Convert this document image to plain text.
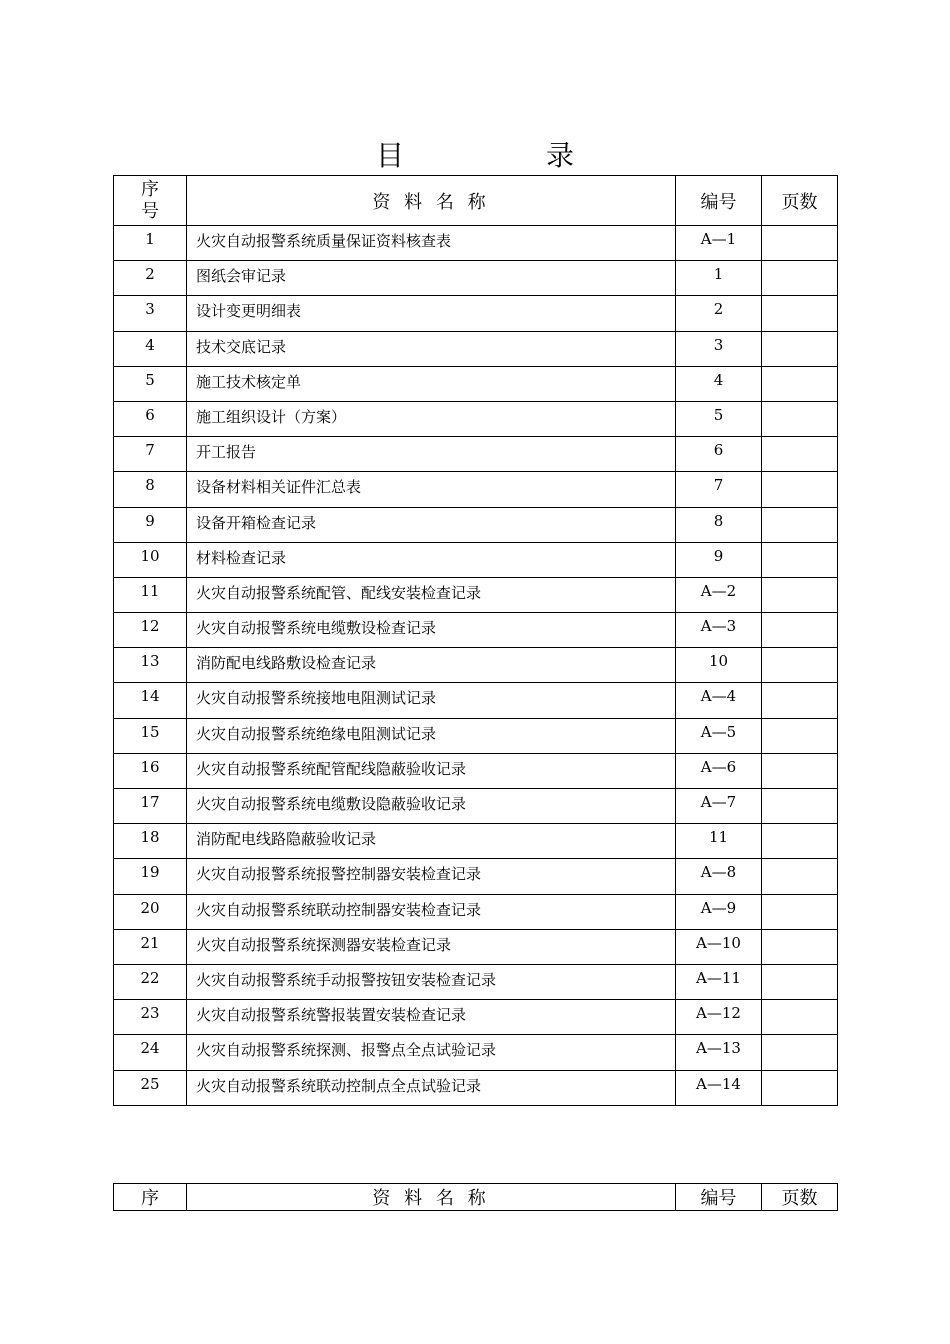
目	录
序
号	资 料 名 称	编号	页数
1	火灾自动报警系统质量保证资料核查表	A—1	
2	图纸会审记录	1	
3	设计变更明细表	2	
4	技术交底记录	3	
5	施工技术核定单	4	
6	施工组织设计（方案）	5	
7	开工报告	6	
8	设备材料相关证件汇总表	7	
9	设备开箱检查记录	8	
10	材料检查记录	9	
11	火灾自动报警系统配管、配线安装检查记录	A—2	
12	火灾自动报警系统电缆敷设检查记录	A—3	
13	消防配电线路敷设检查记录	10	
14	火灾自动报警系统接地电阻测试记录	A—4	
15	火灾自动报警系统绝缘电阻测试记录	A—5	
16	火灾自动报警系统配管配线隐蔽验收记录	A—6	
17	火灾自动报警系统电缆敷设隐蔽验收记录	A—7	
18	消防配电线路隐蔽验收记录	11	
19	火灾自动报警系统报警控制器安装检查记录	A—8	
20	火灾自动报警系统联动控制器安装检查记录	A—9	
21	火灾自动报警系统探测器安装检查记录	A—10	
22	火灾自动报警系统手动报警按钮安装检查记录	A—11	
23	火灾自动报警系统警报装置安装检查记录	A—12	
24	火灾自动报警系统探测、报警点全点试验记录	A—13	
25	火灾自动报警系统联动控制点全点试验记录	A—14	
序	资 料 名 称	编号	页数
